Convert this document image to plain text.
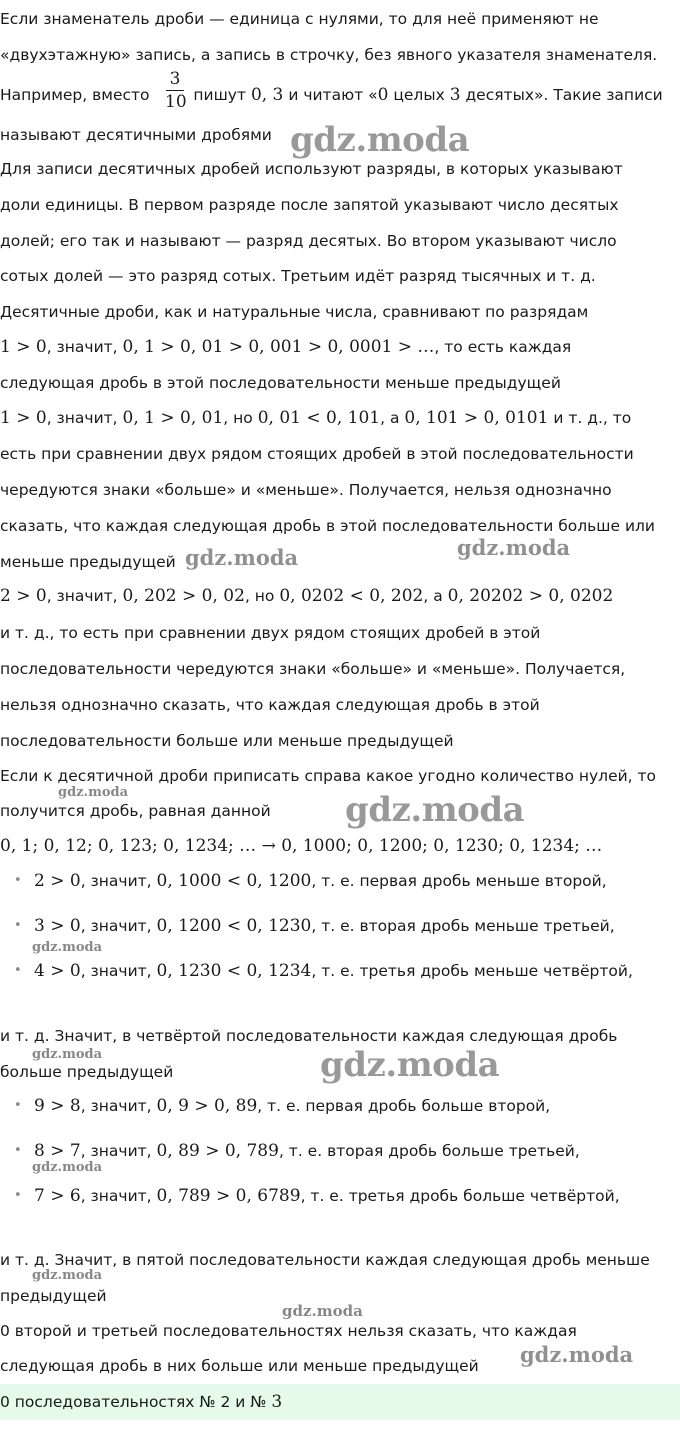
Если знаменатель дроби — единица с нулями, то для неё применяют не
«двухэтажную» запись, а запись в строчку, без явного указателя знаменателя.
Например, вместо	пишут 0, 3 и читают «0 целых 3 десятых». Такие записи
3
10
называют десятичными дробями
Для записи десятичных дробей используют разряды, в которых указывают
доли единицы. В первом разряде после запятой указывают число десятых
долей; его так и называют — разряд десятых. Во втором указывают число
сотых долей — это разряд сотых. Третьим идёт разряд тысячных и т. д.
Десятичные дроби, как и натуральные числа, сравнивают по разрядам
1 > 0, значит, 0, 1 > 0, 01 > 0, 001 > 0, 0001 > …, то есть каждая
следующая дробь в этой последовательности меньше предыдущей
1 > 0, значит, 0, 1 > 0, 01, но 0, 01 < 0, 101, а 0, 101 > 0, 0101 и т. д., то
есть при сравнении двух рядом стоящих дробей в этой последовательности
чередуются знаки «больше» и «меньше». Получается, нельзя однозначно
сказать, что каждая следующая дробь в этой последовательности больше или
меньше предыдущей
2 > 0, значит, 0, 202 > 0, 02, но 0, 0202 < 0, 202, а 0, 20202 > 0, 0202
и т. д., то есть при сравнении двух рядом стоящих дробей в этой
последовательности чередуются знаки «больше» и «меньше». Получается,
нельзя однозначно сказать, что каждая следующая дробь в этой
последовательности больше или меньше предыдущей
Если к десятичной дроби приписать справа какое угодно количество нулей, то
получится дробь, равная данной
0, 1; 0, 12; 0, 123; 0, 1234; … → 0, 1000; 0, 1200; 0, 1230; 0, 1234; …
• 2 > 0, значит, 0, 1000 < 0, 1200, т. е. первая дробь меньше второй,
• 3 > 0, значит, 0, 1200 < 0, 1230, т. е. вторая дробь меньше третьей,
• 4 > 0, значит, 0, 1230 < 0, 1234, т. е. третья дробь меньше четвёртой,
и т. д. Значит, в четвёртой последовательности каждая следующая дробь
больше предыдущей
• 9 > 8, значит, 0, 9 > 0, 89, т. е. первая дробь больше второй,
• 8 > 7, значит, 0, 89 > 0, 789, т. е. вторая дробь больше третьей,
• 7 > 6, значит, 0, 789 > 0, 6789, т. е. третья дробь больше четвёртой,
и т. д. Значит, в пятой последовательности каждая следующая дробь меньше
предыдущей
0 второй и третьей последовательностях нельзя сказать, что каждая
следующая дробь в них больше или меньше предыдущей
0 последовательностях № 2 и № 3
gdz.moda
gdz.moda	gdz.moda
gdz.moda	gdz.moda
gdz.moda
gdz.moda	gdz.moda
gdz.moda
gdz.moda
gdz.moda
gdz.moda
